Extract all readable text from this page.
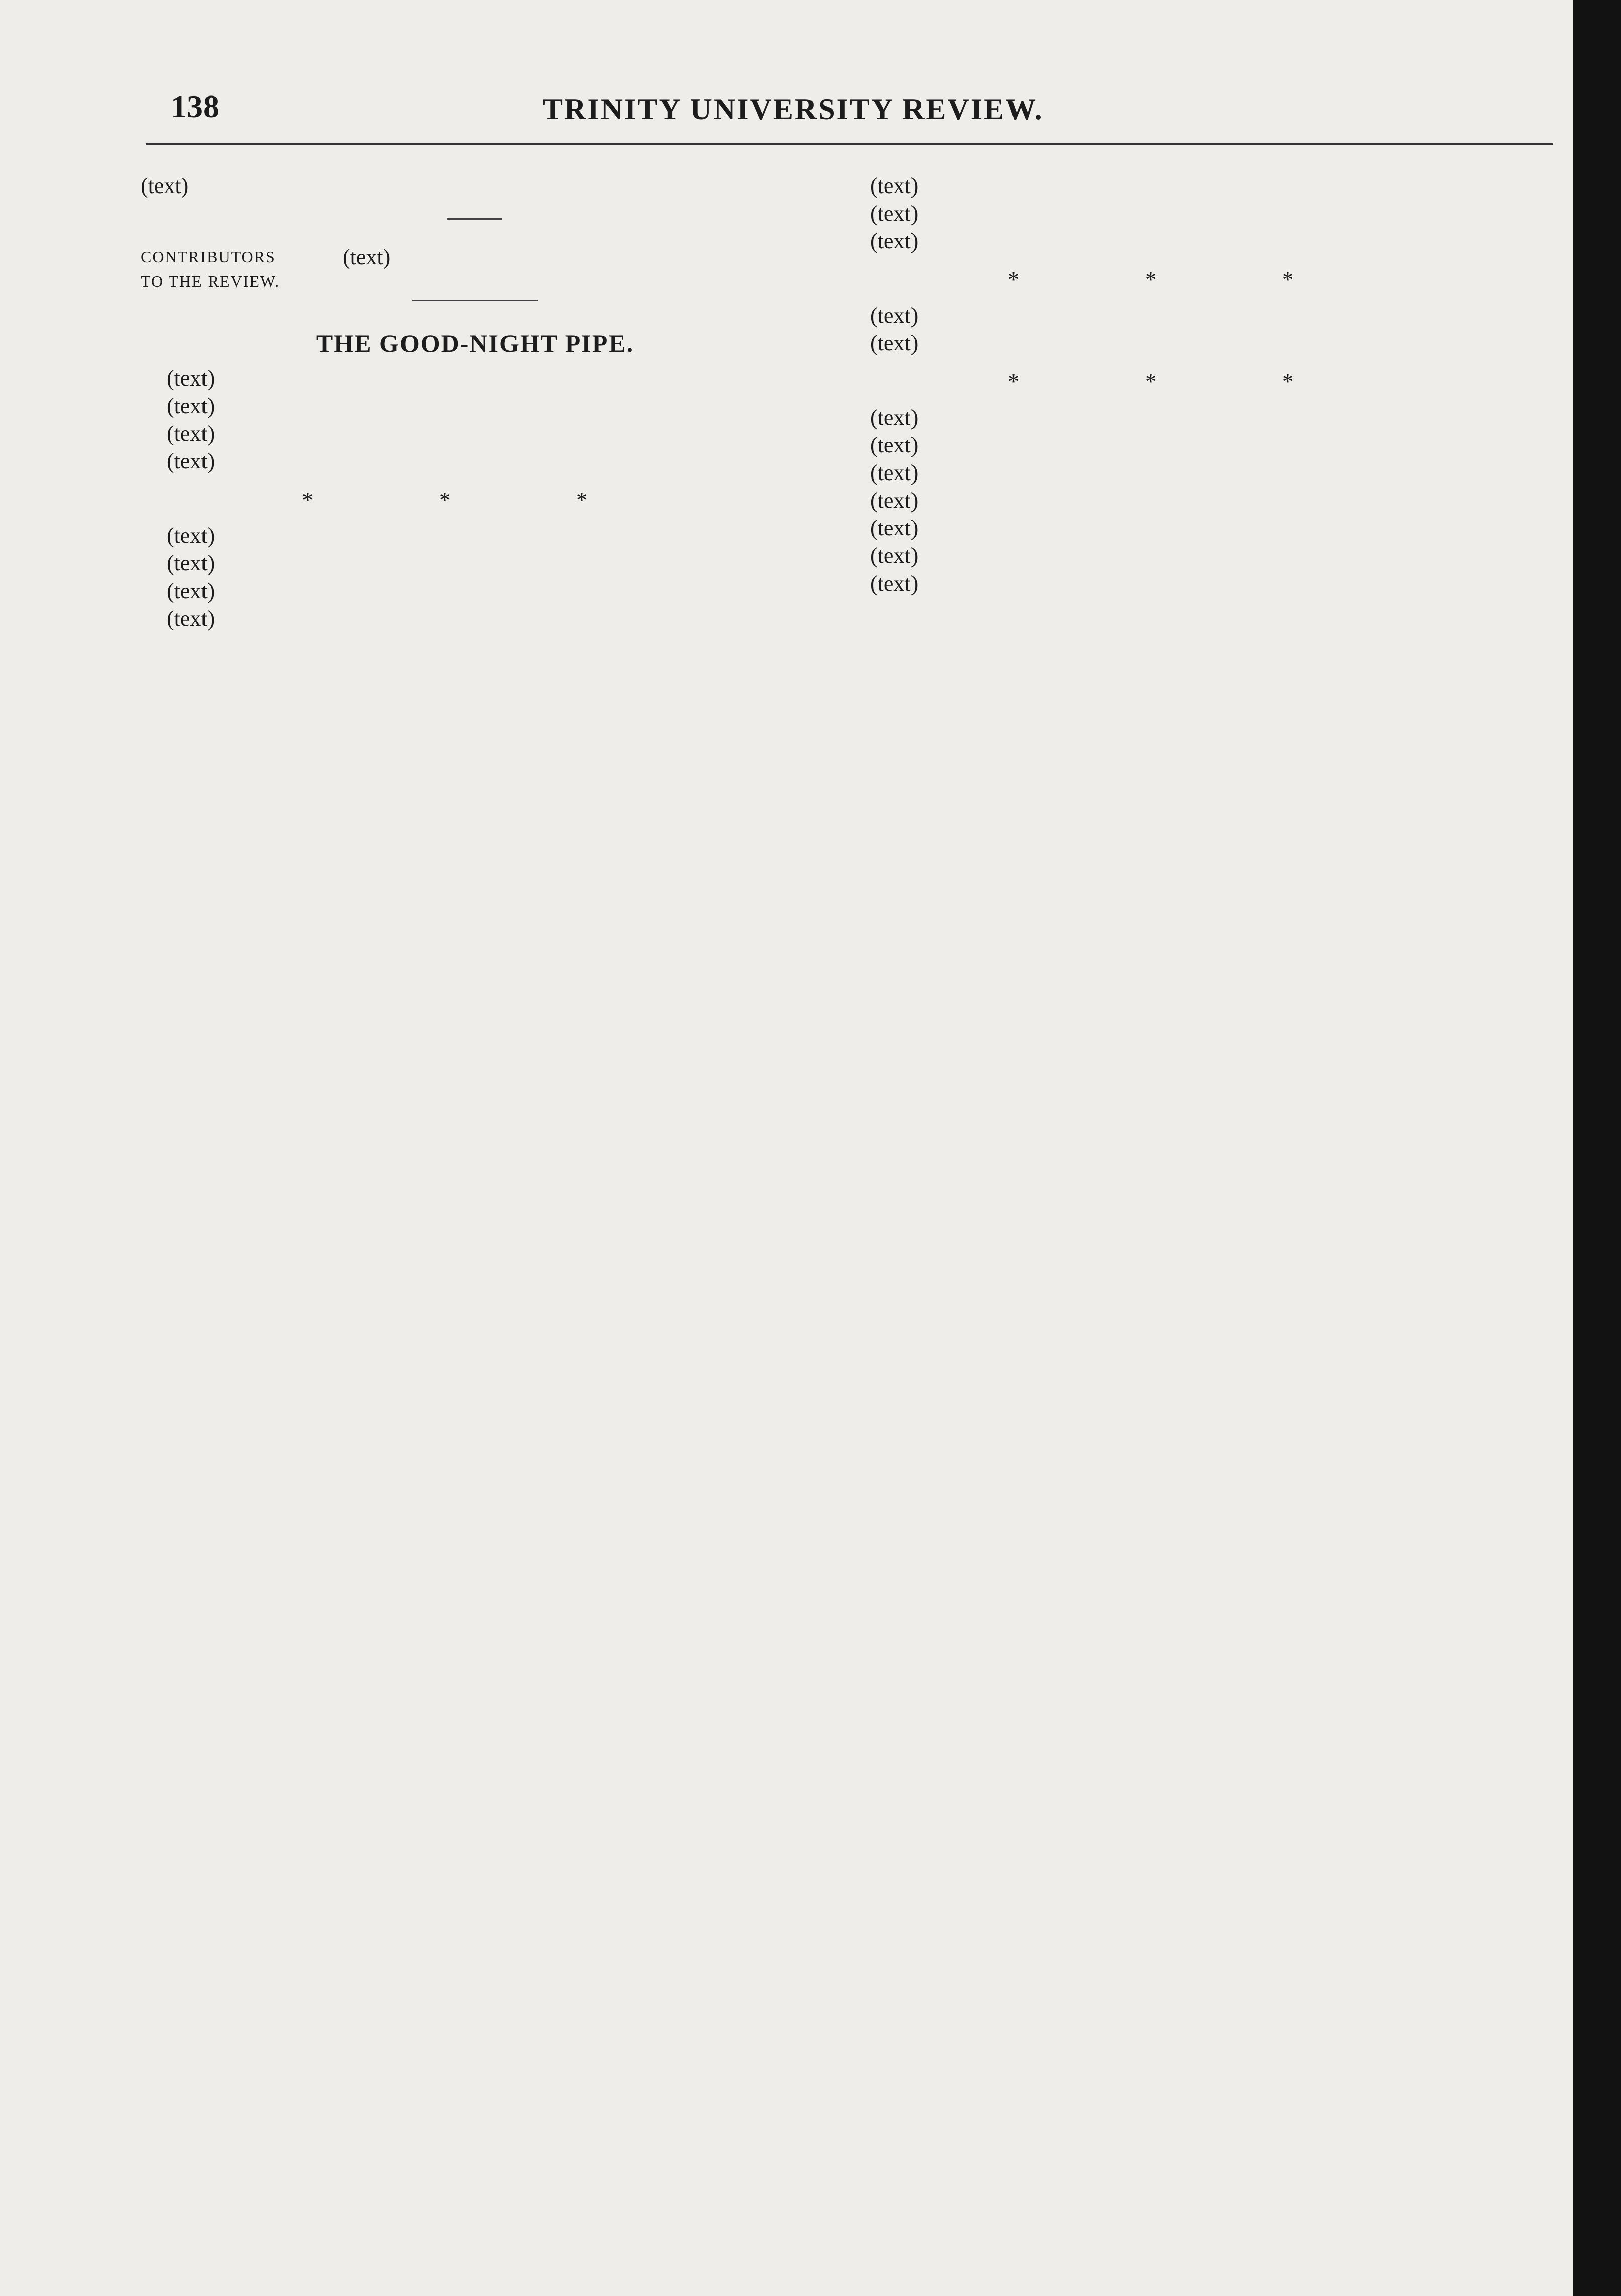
138	TRINITY UNIVERSITY REVIEW.

(text)

CONTRIBUTORS
TO THE REVIEW.

(text)

THE GOOD-NIGHT PIPE.

(text)

(text)

(text)

(text)

* * *

(text)

(text)

(text)

(text)

(text)

(text)

(text)

* * *

(text)

(text)

* * *

(text)

(text)

(text)

(text)

(text)

(text)

(text)
